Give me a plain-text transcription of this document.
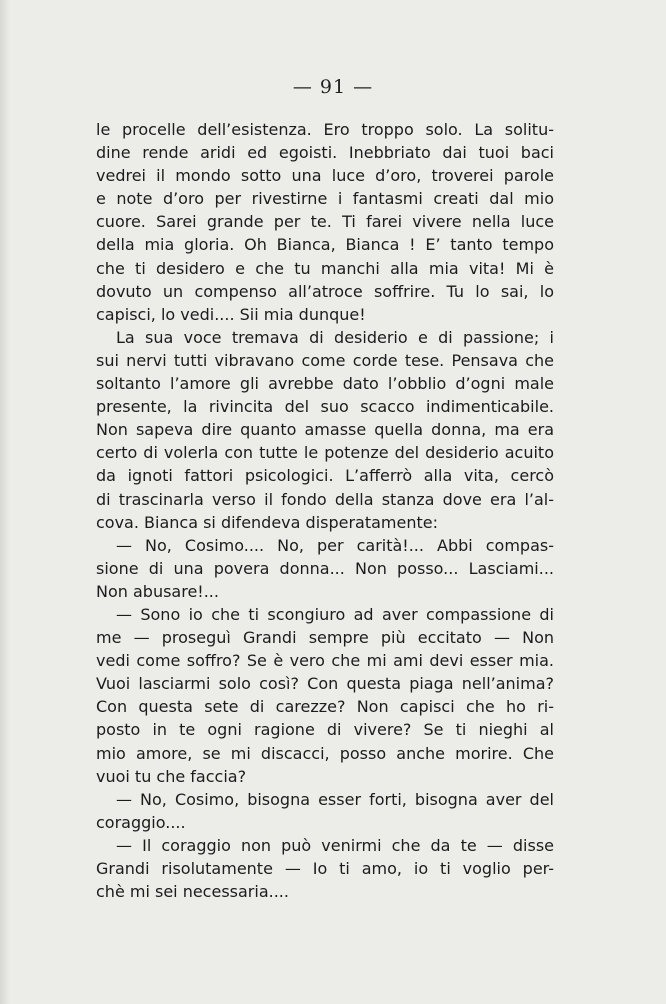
— 91 —

le procelle dell’esistenza. Ero troppo solo. La solitu-

dine rende aridi ed egoisti. Inebbriato dai tuoi baci

vedrei il mondo sotto una luce d’oro, troverei parole

e note d’oro per rivestirne i fantasmi creati dal mio

cuore. Sarei grande per te. Ti farei vivere nella luce

della mia gloria. Oh Bianca, Bianca ! E’ tanto tempo

che ti desidero e che tu manchi alla mia vita! Mi è

dovuto un compenso all’atroce soffrire. Tu lo sai, lo

capisci, lo vedi.... Sii mia dunque!

La sua voce tremava di desiderio e di passione; i

sui nervi tutti vibravano come corde tese. Pensava che

soltanto l’amore gli avrebbe dato l’obblio d’ogni male

presente, la rivincita del suo scacco indimenticabile.

Non sapeva dire quanto amasse quella donna, ma era

certo di volerla con tutte le potenze del desiderio acuito

da ignoti fattori psicologici. L’afferrò alla vita, cercò

di trascinarla verso il fondo della stanza dove era l’al-

cova. Bianca si difendeva disperatamente:

— No, Cosimo.... No, per carità!... Abbi compas-

sione di una povera donna... Non posso... Lasciami...

Non abusare!...

— Sono io che ti scongiuro ad aver compassione di

me — proseguì Grandi sempre più eccitato — Non

vedi come soffro? Se è vero che mi ami devi esser mia.

Vuoi lasciarmi solo così? Con questa piaga nell’anima?

Con questa sete di carezze? Non capisci che ho ri-

posto in te ogni ragione di vivere? Se ti nieghi al

mio amore, se mi discacci, posso anche morire. Che

vuoi tu che faccia?

— No, Cosimo, bisogna esser forti, bisogna aver del

coraggio....

— Il coraggio non può venirmi che da te — disse

Grandi risolutamente — Io ti amo, io ti voglio per-

chè mi sei necessaria....
